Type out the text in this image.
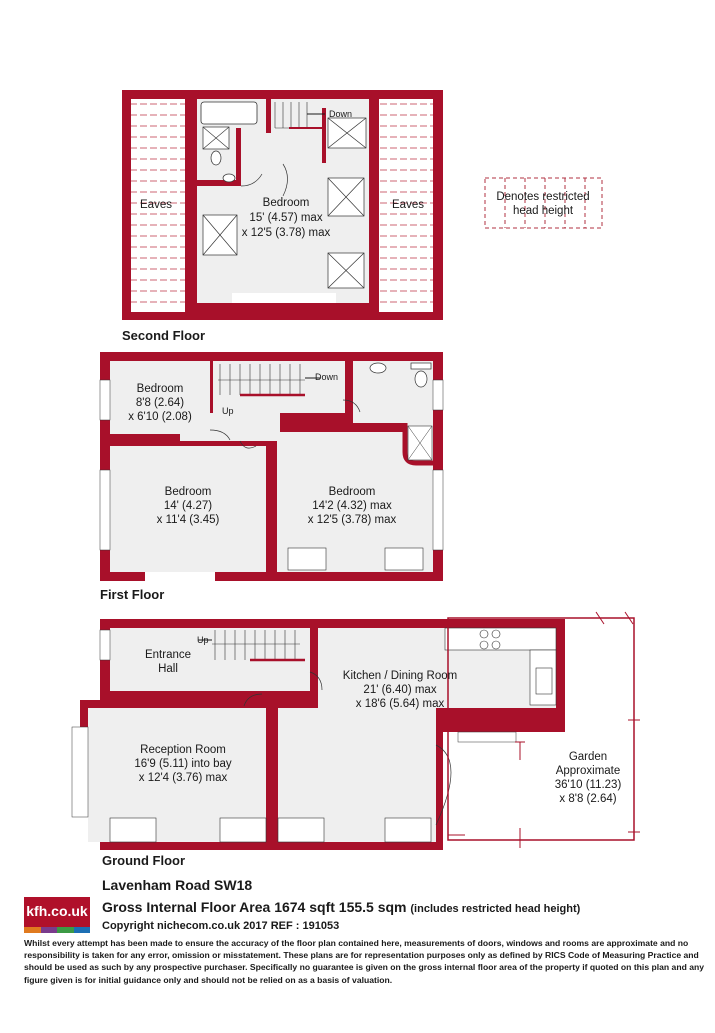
Down
Eaves	Eaves
Bedroom
15' (4.57) max
x 12'5 (3.78) max
Second Floor
Denotes restricted
head height
Down
Up
Bedroom
8'8 (2.64)
x 6'10 (2.08)
Bedroom
14' (4.27)
x 11'4 (3.45)
Bedroom
14'2 (4.32) max
x 12'5 (3.78) max
First Floor
Up
Entrance
Hall
Kitchen / Dining Room
21' (6.40) max
x 18'6 (5.64) max
Reception Room
16'9 (5.11) into bay
x 12'4 (3.76) max
Garden
Approximate
36'10 (11.23)
x 8'8 (2.64)
Ground Floor
kfh.co.uk
Lavenham Road SW18
Gross Internal Floor Area 1674 sqft 155.5 sqm (includes restricted head height)
Copyright nichecom.co.uk 2017 REF : 191053
Whilst every attempt has been made to ensure the accuracy of the floor plan contained here, measurements of doors, windows and rooms are approximate and no responsibility is taken for any error, omission or misstatement. These plans are for representation purposes only as defined by RICS Code of Measuring Practice and should be used as such by any prospective purchaser. Specifically no guarantee is given on the gross internal floor area of the property if quoted on this plan and any figure given is for initial guidance only and should not be relied on as a basis of valuation.
